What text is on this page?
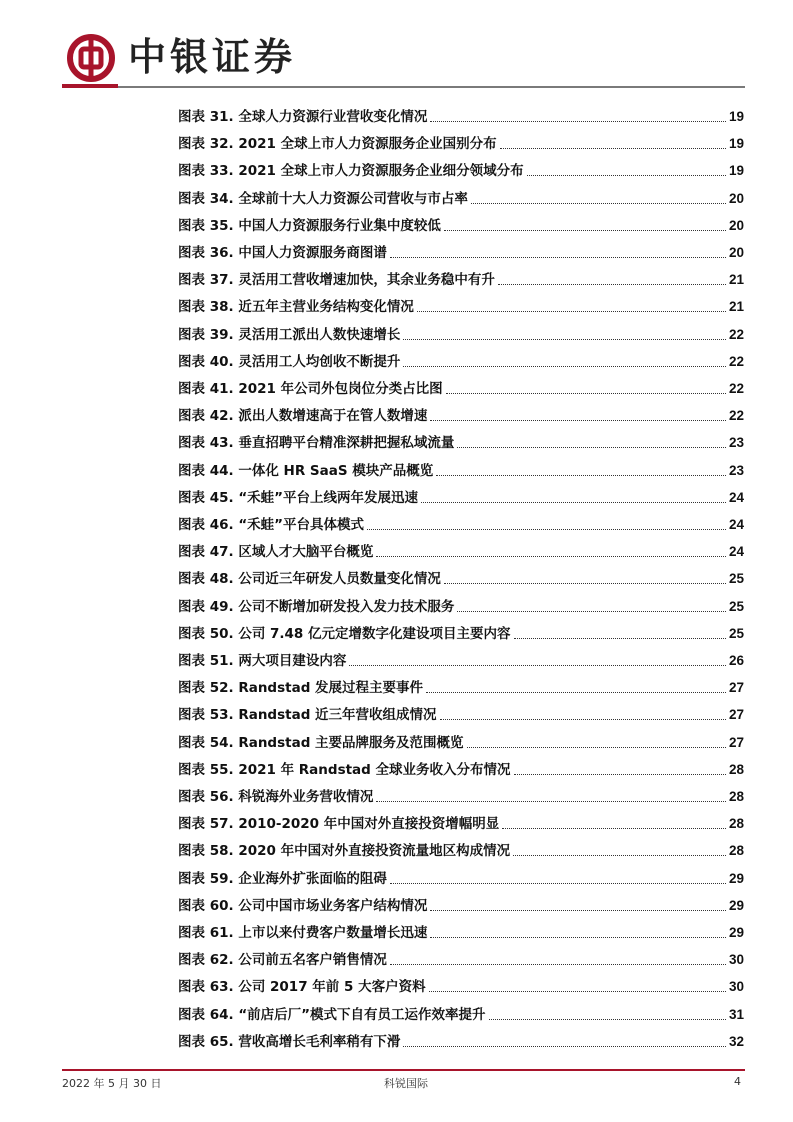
中银证券
图表 31. 全球人力资源行业营收变化情况	19
图表 32. 2021 全球上市人力资源服务企业国别分布	19
图表 33. 2021 全球上市人力资源服务企业细分领域分布	19
图表 34. 全球前十大人力资源公司营收与市占率	20
图表 35. 中国人力资源服务行业集中度较低	20
图表 36. 中国人力资源服务商图谱	20
图表 37. 灵活用工营收增速加快，其余业务稳中有升	21
图表 38. 近五年主营业务结构变化情况	21
图表 39. 灵活用工派出人数快速增长	22
图表 40. 灵活用工人均创收不断提升	22
图表 41. 2021 年公司外包岗位分类占比图	22
图表 42. 派出人数增速高于在管人数增速	22
图表 43. 垂直招聘平台精准深耕把握私域流量	23
图表 44. 一体化 HR SaaS 模块产品概览	23
图表 45. “禾蛙”平台上线两年发展迅速	24
图表 46. “禾蛙”平台具体模式	24
图表 47. 区域人才大脑平台概览	24
图表 48. 公司近三年研发人员数量变化情况	25
图表 49. 公司不断增加研发投入发力技术服务	25
图表 50. 公司 7.48 亿元定增数字化建设项目主要内容	25
图表 51. 两大项目建设内容	26
图表 52. Randstad 发展过程主要事件	27
图表 53. Randstad 近三年营收组成情况	27
图表 54. Randstad 主要品牌服务及范围概览	27
图表 55. 2021 年 Randstad 全球业务收入分布情况	28
图表 56. 科锐海外业务营收情况	28
图表 57. 2010-2020 年中国对外直接投资增幅明显	28
图表 58. 2020 年中国对外直接投资流量地区构成情况	28
图表 59. 企业海外扩张面临的阻碍	29
图表 60. 公司中国市场业务客户结构情况	29
图表 61. 上市以来付费客户数量增长迅速	29
图表 62. 公司前五名客户销售情况	30
图表 63. 公司 2017 年前 5 大客户资料	30
图表 64. “前店后厂”模式下自有员工运作效率提升	31
图表 65. 营收高增长毛利率稍有下滑	32
2022 年 5 月 30 日	科锐国际	4
